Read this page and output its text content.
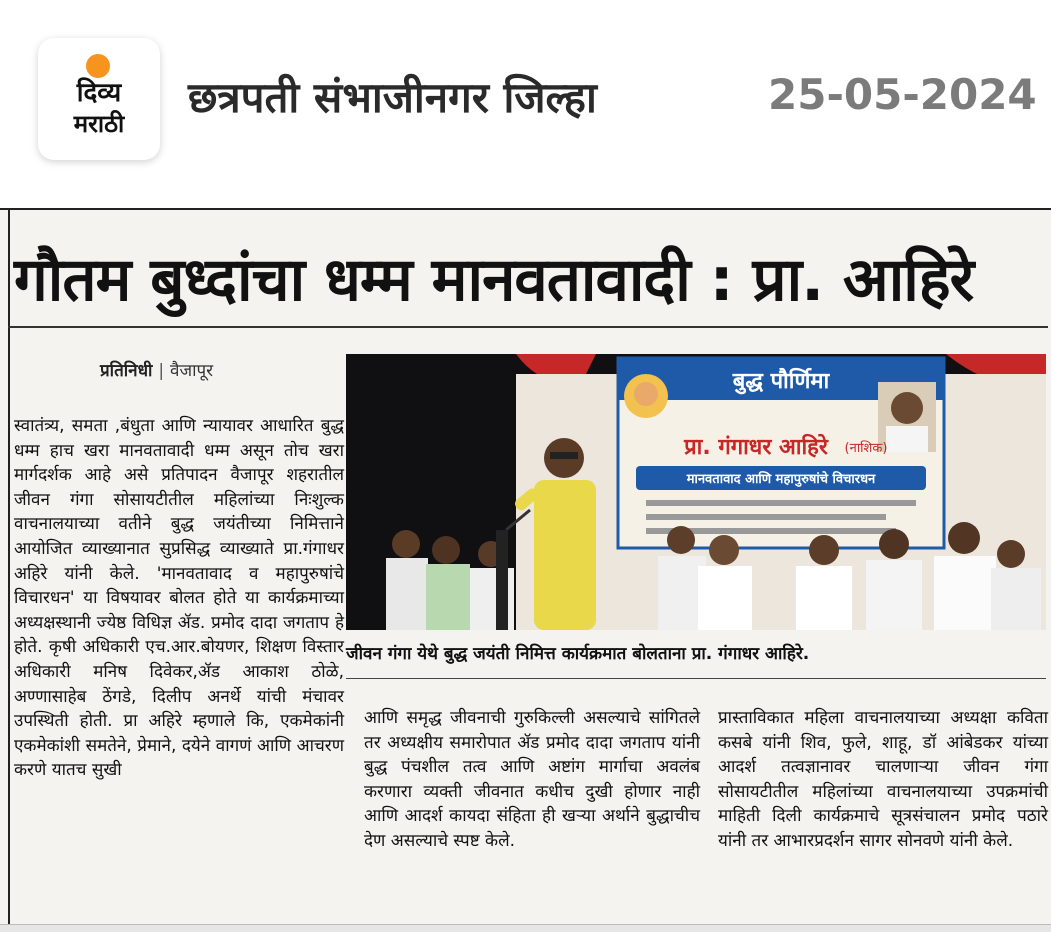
दिव्य
मराठी
छत्रपती संभाजीनगर जिल्हा	25-05-2024
गौतम बुध्दांचा धम्म मानवतावादी : प्रा. आहिरे
प्रतिनिधी | वैजापूर
स्वातंत्र्य, समता ,बंधुता आणि न्यायावर आधारित बुद्ध धम्म हाच खरा मानवतावादी धम्म असून तोच खरा मार्गदर्शक आहे असे प्रतिपादन वैजापूर शहरातील जीवन गंगा सोसायटीतील महिलांच्या निःशुल्क वाचनालयाच्या वतीने बुद्ध जयंतीच्या निमित्ताने आयोजित व्याख्यानात सुप्रसिद्ध व्याख्याते प्रा.गंगाधर अहिरे यांनी केले. 'मानवतावाद व महापुरुषांचे विचारधन' या विषयावर बोलत होते या कार्यक्रमाच्या अध्यक्षस्थानी ज्येष्ठ विधिज्ञ ॲड. प्रमोद दादा जगताप हे होते. कृषी अधिकारी एच.आर.बोयणर, शिक्षण विस्तार अधिकारी मनिष दिवेकर,ॲड आकाश ठोळे, अण्णासाहेब ठेंगडे, दिलीप अनर्थे यांची मंचावर उपस्थिती होती. प्रा अहिरे म्हणाले कि, एकमेकांनी एकमेकांशी समतेने, प्रेमाने, दयेने वागणं आणि आचरण करणे यातच सुखी
बुद्ध पौर्णिमा
प्रा. गंगाधर आहिरे (नाशिक)
मानवतावाद आणि महापुरुषांचे विचारधन
जीवन गंगा येथे बुद्ध जयंती निमित्त कार्यक्रमात बोलताना प्रा. गंगाधर आहिरे.
आणि समृद्ध जीवनाची गुरुकिल्ली असल्याचे सांगितले तर अध्यक्षीय समारोपात ॲड प्रमोद दादा जगताप यांनी बुद्ध पंचशील तत्व आणि अष्टांग मार्गाचा अवलंब करणारा व्यक्ती जीवनात कधीच दुखी होणार नाही आणि आदर्श कायदा संहिता ही खऱ्या अर्थाने बुद्धाचीच देण असल्याचे स्पष्ट केले.
प्रास्ताविकात महिला वाचनालयाच्या अध्यक्षा कविता कसबे यांनी शिव, फुले, शाहू, डॉ आंबेडकर यांच्या आदर्श तत्वज्ञानावर चालणाऱ्या जीवन गंगा सोसायटीतील महिलांच्या वाचनालयाच्या उपक्रमांची माहिती दिली कार्यक्रमाचे सूत्रसंचालन प्रमोद पठारे यांनी तर आभारप्रदर्शन सागर सोनवणे यांनी केले.
